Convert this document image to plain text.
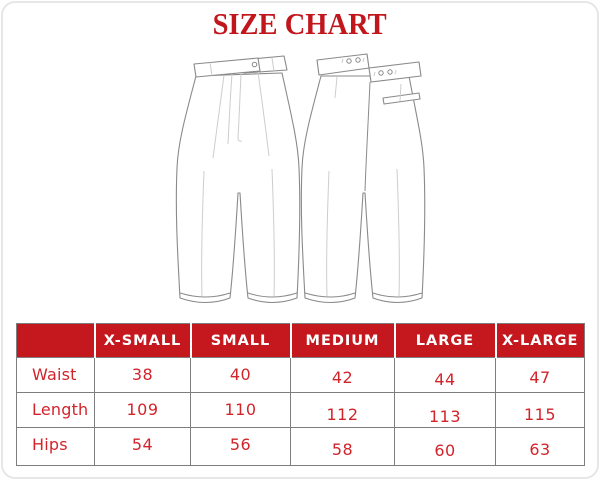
SIZE CHART
	X-SMALL	SMALL	MEDIUM	LARGE	X-LARGE
Waist	38	40	42	44	47
Length	109	110	112	113	115
Hips	54	56	58	60	63
